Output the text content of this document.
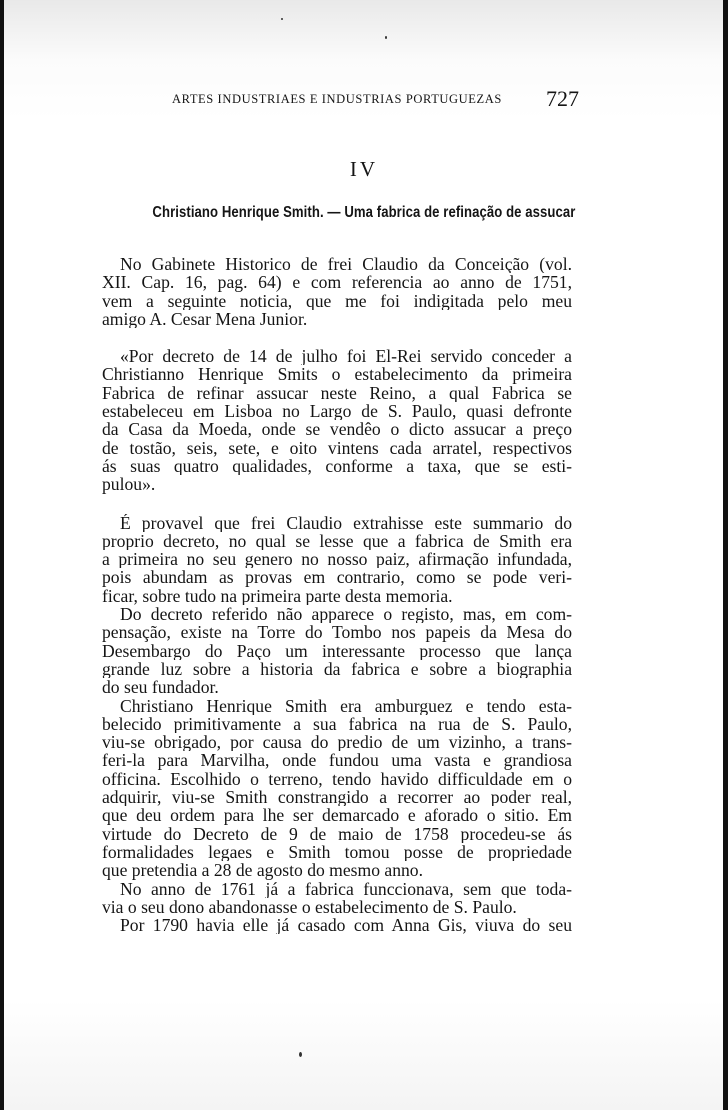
ARTES INDUSTRIAES E INDUSTRIAS PORTUGUEZAS 727
IV
Christiano Henrique Smith. — Uma fabrica de refinação de assucar
No Gabinete Historico de frei Claudio da Conceição (vol.
XII. Cap. 16, pag. 64) e com referencia ao anno de 1751,
vem a seguinte noticia, que me foi indigitada pelo meu
amigo A. Cesar Mena Junior.
«Por decreto de 14 de julho foi El-Rei servido conceder a
Christianno Henrique Smits o estabelecimento da primeira
Fabrica de refinar assucar neste Reino, a qual Fabrica se
estabeleceu em Lisboa no Largo de S. Paulo, quasi defronte
da Casa da Moeda, onde se vendêo o dicto assucar a preço
de tostão, seis, sete, e oito vintens cada arratel, respectivos
ás suas quatro qualidades, conforme a taxa, que se esti-
pulou».
É provavel que frei Claudio extrahisse este summario do
proprio decreto, no qual se lesse que a fabrica de Smith era
a primeira no seu genero no nosso paiz, afirmação infundada,
pois abundam as provas em contrario, como se pode veri-
ficar, sobre tudo na primeira parte desta memoria.
Do decreto referido não apparece o registo, mas, em com-
pensação, existe na Torre do Tombo nos papeis da Mesa do
Desembargo do Paço um interessante processo que lança
grande luz sobre a historia da fabrica e sobre a biographia
do seu fundador.
Christiano Henrique Smith era amburguez e tendo esta-
belecido primitivamente a sua fabrica na rua de S. Paulo,
viu-se obrigado, por causa do predio de um vizinho, a trans-
feri-la para Marvilha, onde fundou uma vasta e grandiosa
officina. Escolhido o terreno, tendo havido difficuldade em o
adquirir, viu-se Smith constrangido a recorrer ao poder real,
que deu ordem para lhe ser demarcado e aforado o sitio. Em
virtude do Decreto de 9 de maio de 1758 procedeu-se ás
formalidades legaes e Smith tomou posse de propriedade
que pretendia a 28 de agosto do mesmo anno.
No anno de 1761 já a fabrica funccionava, sem que toda-
via o seu dono abandonasse o estabelecimento de S. Paulo.
Por 1790 havia elle já casado com Anna Gis, viuva do seu
